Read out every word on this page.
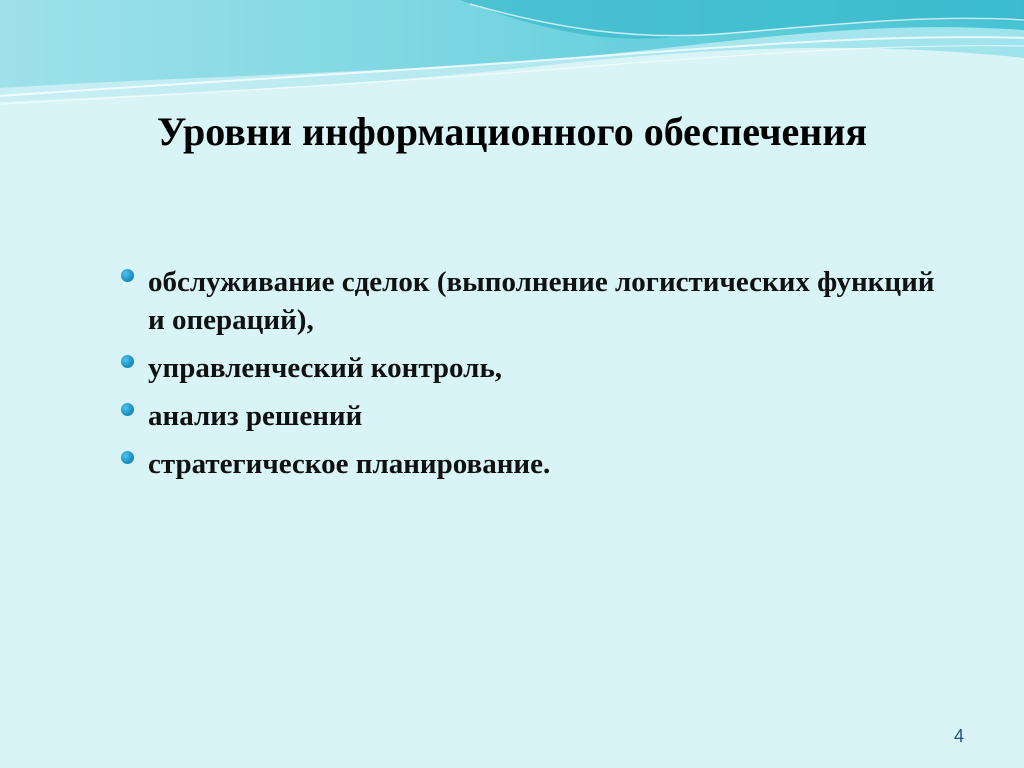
Уровни информационного обеспечения
обслуживание сделок (выполнение логистических функций и операций),
управленческий контроль,
анализ решений
стратегическое планирование.
4
